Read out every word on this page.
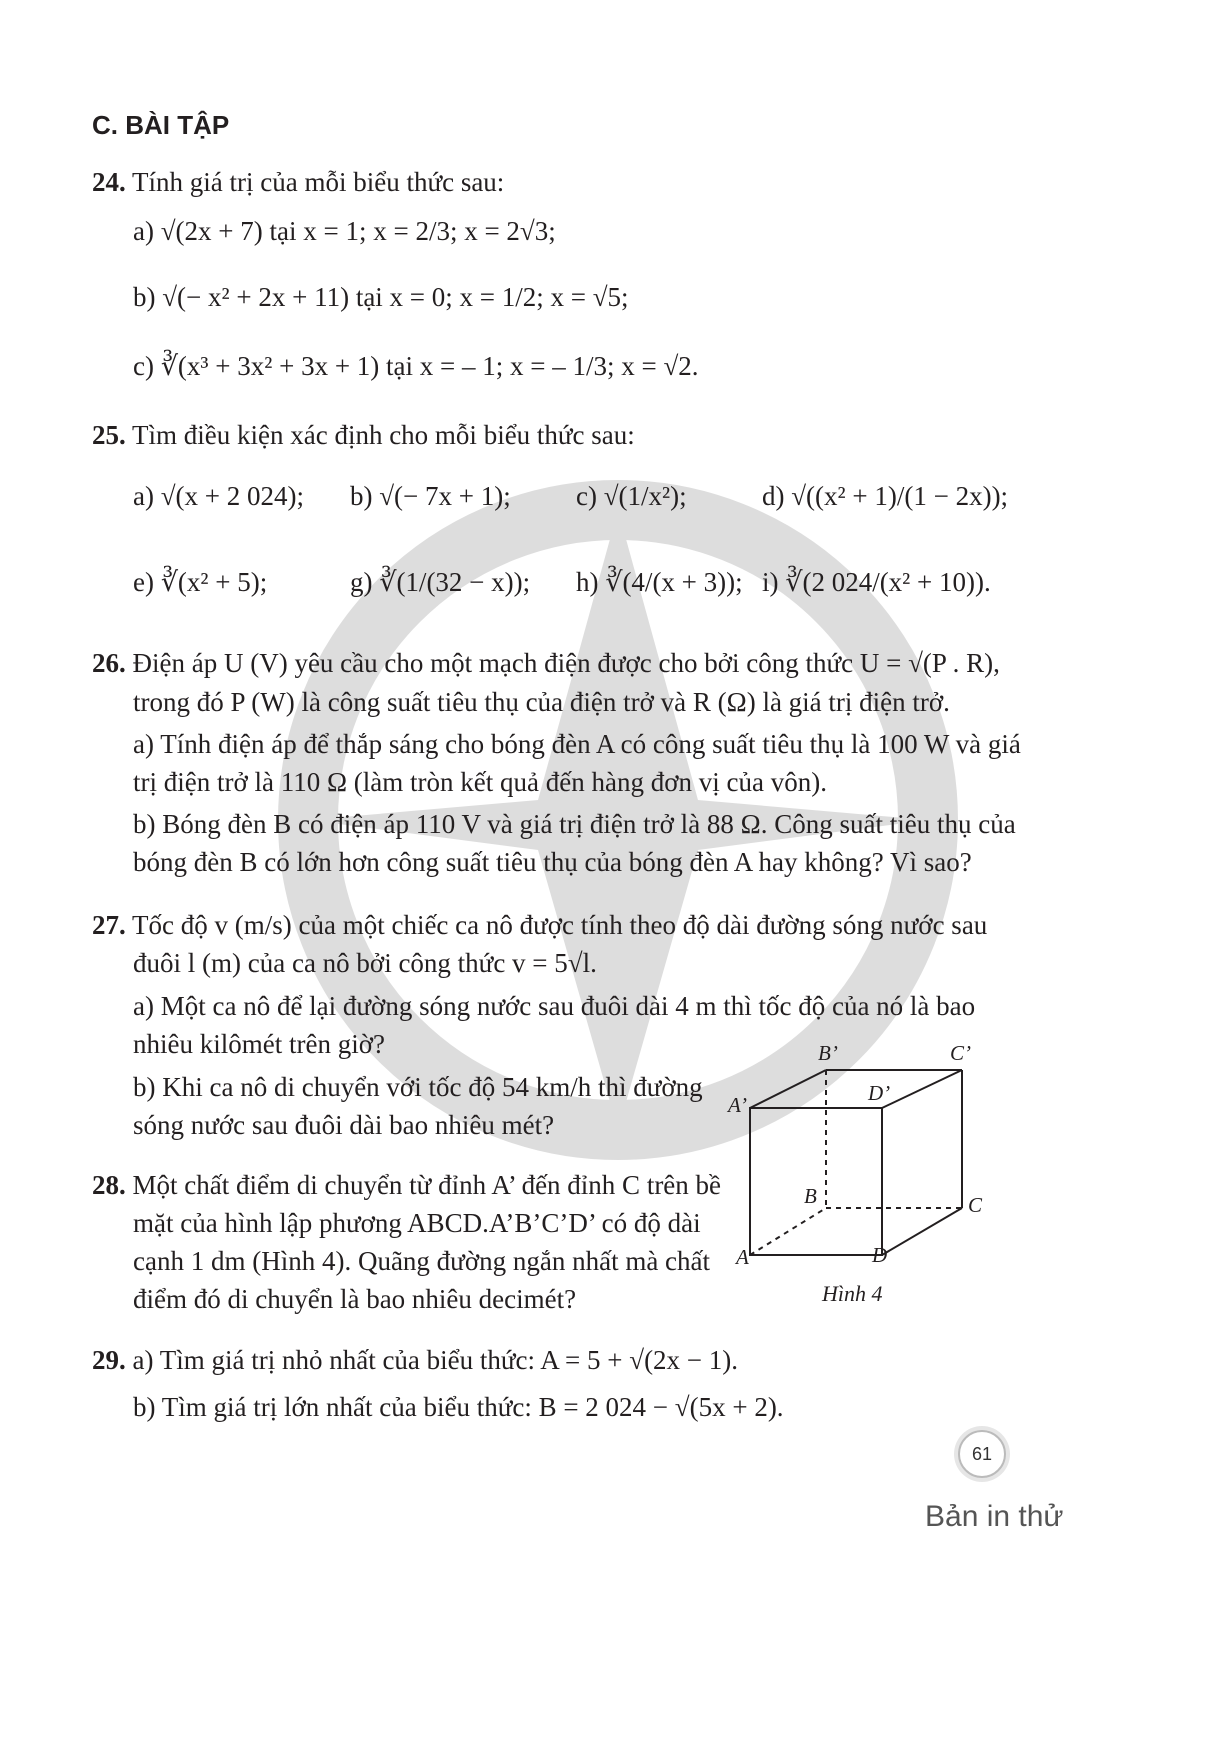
C. BÀI TẬP
24. Tính giá trị của mỗi biểu thức sau:
a) √(2x + 7) tại x = 1; x = 2/3; x = 2√3;
b) √(− x² + 2x + 11) tại x = 0; x = 1/2; x = √5;
c) ∛(x³ + 3x² + 3x + 1) tại x = – 1; x = – 1/3; x = √2.
25. Tìm điều kiện xác định cho mỗi biểu thức sau:
a) √(x + 2 024); b) √(− 7x + 1); c) √(1/x²);	d) √((x² + 1)/(1 − 2x));
e) ∛(x² + 5);	g) ∛(1/(32 − x)); h) ∛(4/(x + 3)); i) ∛(2 024/(x² + 10)).
26. Điện áp U (V) yêu cầu cho một mạch điện được cho bởi công thức U = √(P . R),
trong đó P (W) là công suất tiêu thụ của điện trở và R (Ω) là giá trị điện trở.
a) Tính điện áp để thắp sáng cho bóng đèn A có công suất tiêu thụ là 100 W và giá
trị điện trở là 110 Ω (làm tròn kết quả đến hàng đơn vị của vôn).
b) Bóng đèn B có điện áp 110 V và giá trị điện trở là 88 Ω. Công suất tiêu thụ của
bóng đèn B có lớn hơn công suất tiêu thụ của bóng đèn A hay không? Vì sao?
27. Tốc độ v (m/s) của một chiếc ca nô được tính theo độ dài đường sóng nước sau
đuôi l (m) của ca nô bởi công thức v = 5√l.
a) Một ca nô để lại đường sóng nước sau đuôi dài 4 m thì tốc độ của nó là bao
nhiêu kilômét trên giờ?
b) Khi ca nô di chuyển với tốc độ 54 km/h thì đường
sóng nước sau đuôi dài bao nhiêu mét?
28. Một chất điểm di chuyển từ đỉnh A’ đến đỉnh C trên bề
mặt của hình lập phương ABCD.A’B’C’D’ có độ dài
cạnh 1 dm (Hình 4). Quãng đường ngắn nhất mà chất
điểm đó di chuyển là bao nhiêu decimét?
A’
B’	C’
D’
A
B	C
D
Hình 4
29. a) Tìm giá trị nhỏ nhất của biểu thức: A = 5 + √(2x − 1).
b) Tìm giá trị lớn nhất của biểu thức: B = 2 024 − √(5x + 2).
61
Bản in thử
